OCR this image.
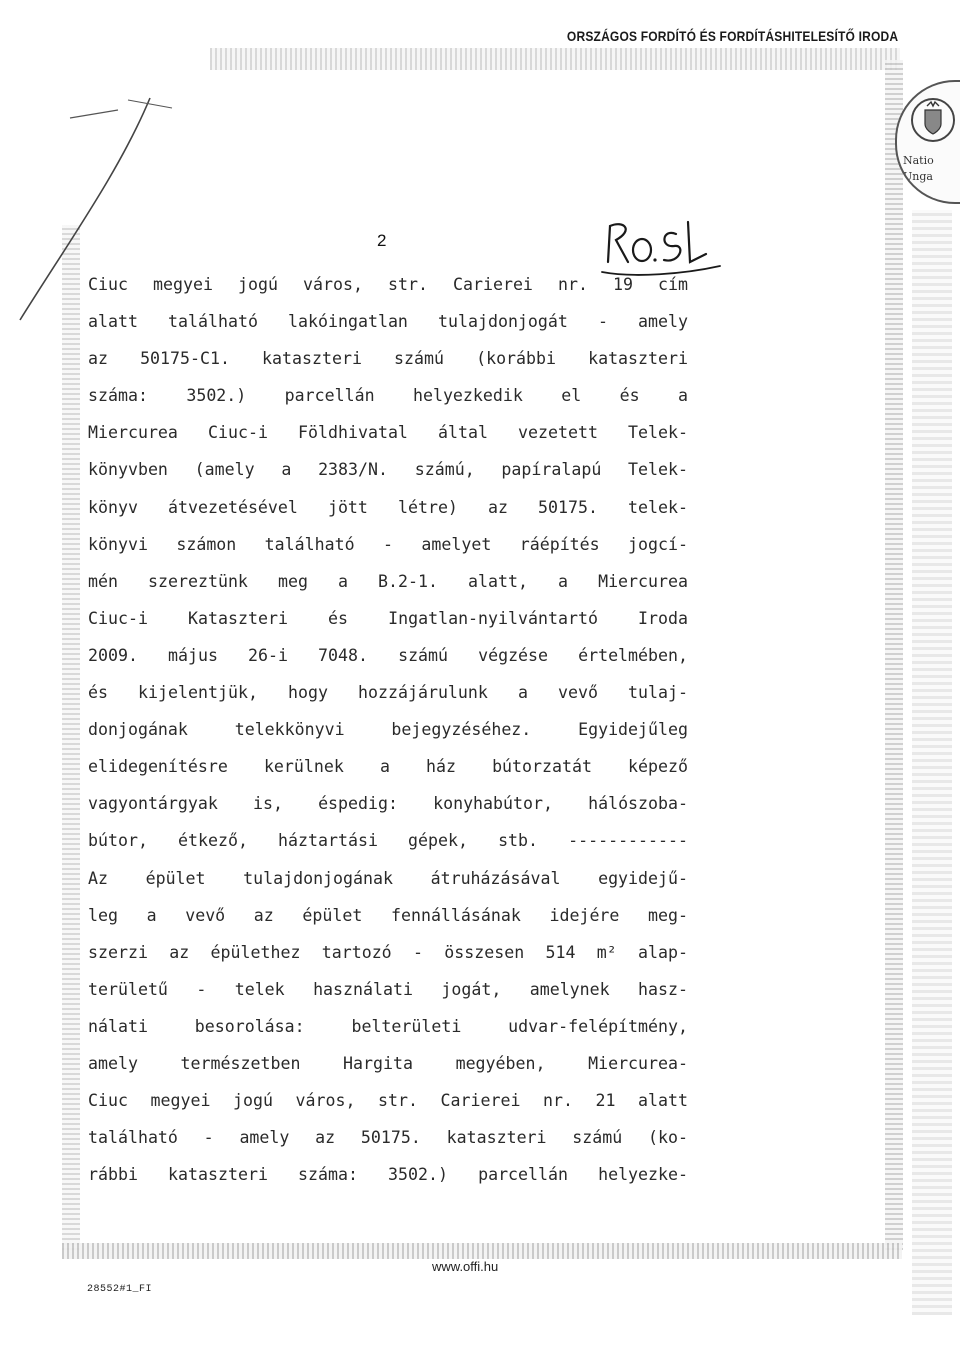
ORSZÁGOS FORDÍTÓ ÉS FORDÍTÁSHITELESÍTŐ IRODA
Natio
Unga
2
Ciuc megyei jogú város, str. Carierei nr. 19 cím
alatt található lakóingatlan tulajdonjogát - amely
az 50175-C1. kataszteri számú (korábbi kataszteri
száma: 3502.) parcellán helyezkedik el és a
Miercurea Ciuc-i Földhivatal által vezetett Telek-
könyvben (amely a 2383/N. számú, papíralapú Telek-
könyv átvezetésével jött létre) az 50175. telek-
könyvi számon található - amelyet ráépítés jogcí-
mén szereztünk meg a B.2-1. alatt, a Miercurea
Ciuc-i Kataszteri és Ingatlan-nyilvántartó Iroda
2009. május 26-i 7048. számú végzése értelmében,
és kijelentjük, hogy hozzájárulunk a vevő tulaj-
donjogának telekkönyvi bejegyzéséhez. Egyidejűleg
elidegenítésre kerülnek a ház bútorzatát képező
vagyontárgyak is, éspedig: konyhabútor, hálószoba-
bútor, étkező, háztartási gépek, stb. ------------
Az épület tulajdonjogának átruházásával egyidejű-
leg a vevő az épület fennállásának idejére meg-
szerzi az épülethez tartozó - összesen 514 m² alap-
területű - telek használati jogát, amelynek hasz-
nálati besorolása: belterületi udvar-felépítmény,
amely természetben Hargita megyében, Miercurea-
Ciuc megyei jogú város, str. Carierei nr. 21 alatt
található - amely az 50175. kataszteri számú (ko-
rábbi kataszteri száma: 3502.) parcellán helyezke-
www.offi.hu
28552#1_FI
